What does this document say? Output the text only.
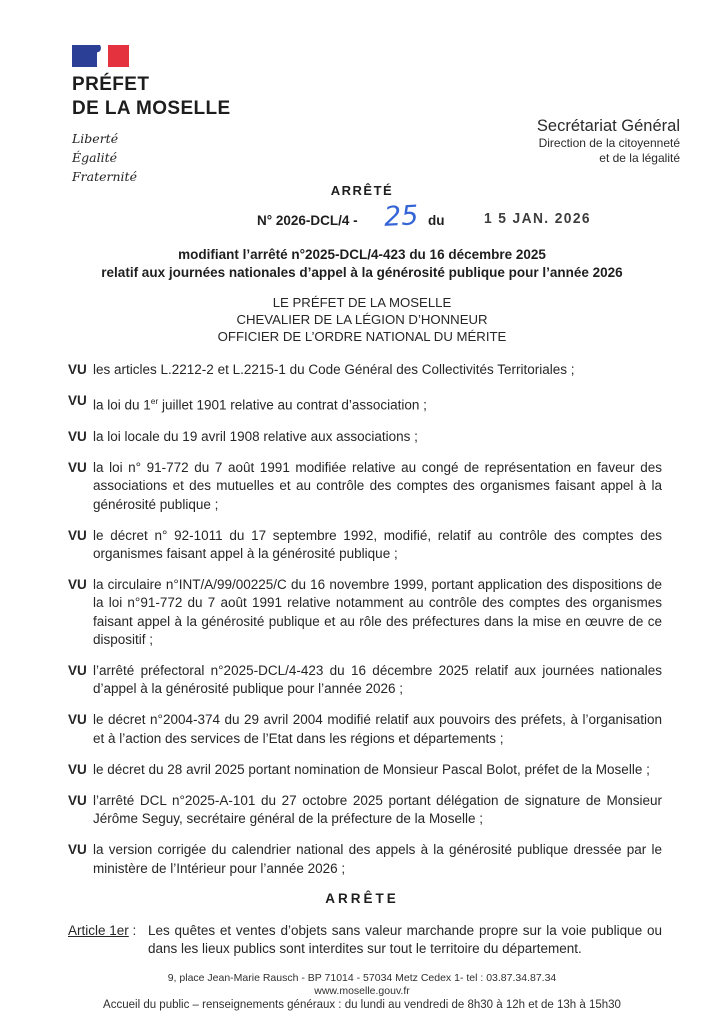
PRÉFET
DE LA MOSELLE
Liberté
Égalité
Fraternité
Secrétariat Général
Direction de la citoyenneté
et de la légalité
ARRÊTÉ
N° 2026-DCL/4 - 25 du	1 5 JAN. 2026
modifiant l’arrêté n°2025-DCL/4-423 du 16 décembre 2025
relatif aux journées nationales d’appel à la générosité publique pour l’année 2026
LE PRÉFET DE LA MOSELLE
CHEVALIER DE LA LÉGION D’HONNEUR
OFFICIER DE L’ORDRE NATIONAL DU MÉRITE

VU les articles L.2212-2 et L.2215-1 du Code Général des Collectivités Territoriales ;

VU la loi du 1er juillet 1901 relative au contrat d’association ;

VU la loi locale du 19 avril 1908 relative aux associations ;

VU la loi n° 91-772 du 7 août 1991 modifiée relative au congé de représentation en faveur des associations et des mutuelles et au contrôle des comptes des organismes faisant appel à la générosité publique ;

VU le décret n° 92-1011 du 17 septembre 1992, modifié, relatif au contrôle des comptes des organismes faisant appel à la générosité publique ;

VU la circulaire n°INT/A/99/00225/C du 16 novembre 1999, portant application des dispositions de la loi n°91-772 du 7 août 1991 relative notamment au contrôle des comptes des organismes faisant appel à la générosité publique et au rôle des préfectures dans la mise en œuvre de ce dispositif ;

VU l’arrêté préfectoral n°2025-DCL/4-423 du 16 décembre 2025 relatif aux journées nationales d’appel à la générosité publique pour l’année 2026 ;

VU le décret n°2004-374 du 29 avril 2004 modifié relatif aux pouvoirs des préfets, à l’organisation et à l’action des services de l’Etat dans les régions et départements ;

VU le décret du 28 avril 2025 portant nomination de Monsieur Pascal Bolot, préfet de la Moselle ;

VU l’arrêté DCL n°2025-A-101 du 27 octobre 2025 portant délégation de signature de Monsieur Jérôme Seguy, secrétaire général de la préfecture de la Moselle ;

VU la version corrigée du calendrier national des appels à la générosité publique dressée par le ministère de l’Intérieur pour l’année 2026 ;

ARRÊTE
Article 1er : Les quêtes et ventes d’objets sans valeur marchande propre sur la voie publique ou dans les lieux publics sont interdites sur tout le territoire du département.
9, place Jean-Marie Rausch - BP 71014 - 57034 Metz Cedex 1- tel : 03.87.34.87.34
www.moselle.gouv.fr
Accueil du public – renseignements généraux : du lundi au vendredi de 8h30 à 12h et de 13h à 15h30
